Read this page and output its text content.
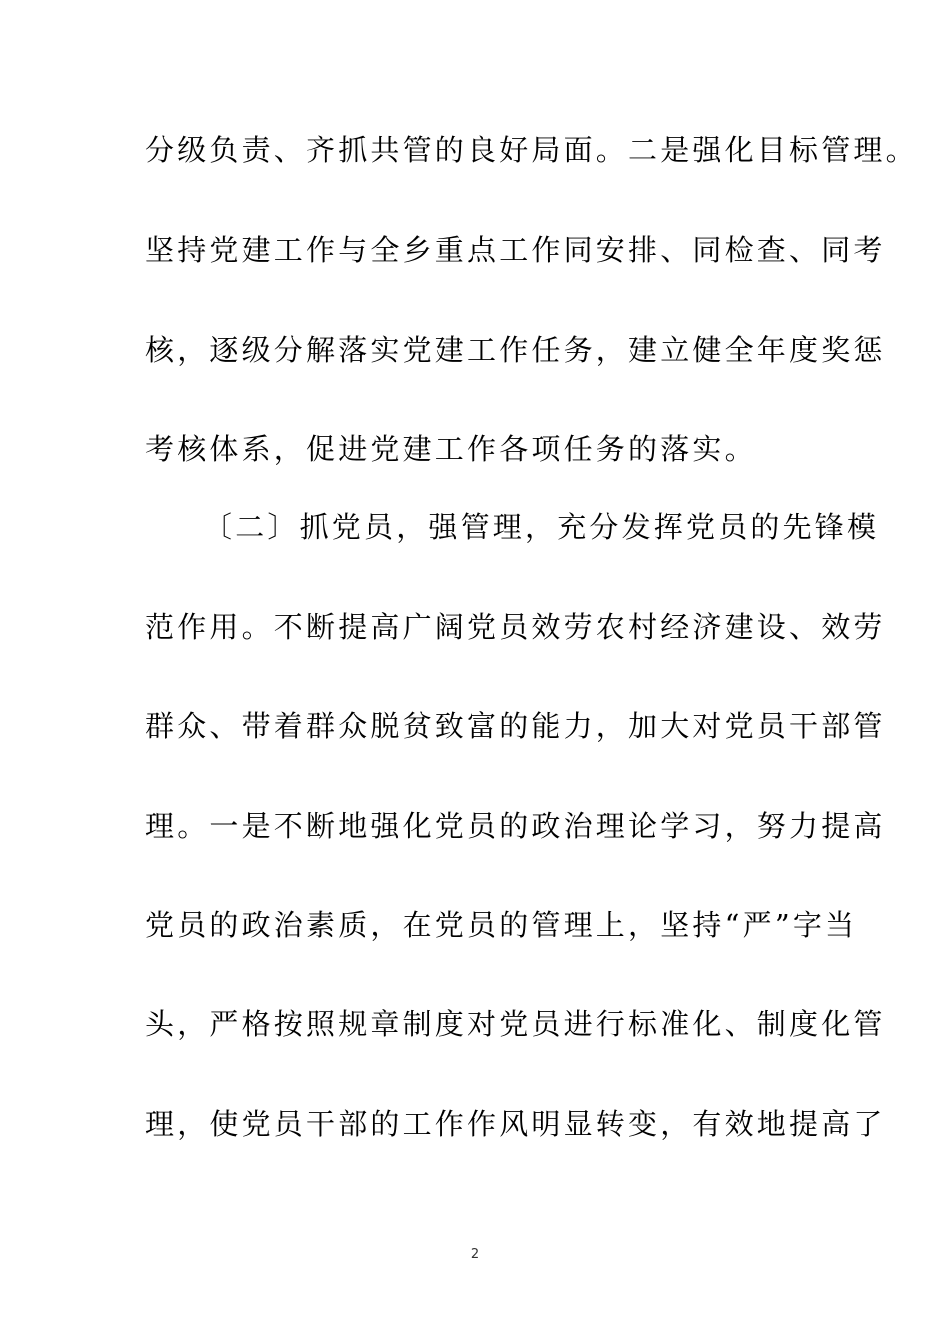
分级负责、齐抓共管的良好局面。二是强化目标管理。
坚持党建工作与全乡重点工作同安排、同检查、同考
核，逐级分解落实党建工作任务，建立健全年度奖惩
考核体系，促进党建工作各项任务的落实。
〔二〕抓党员，强管理，充分发挥党员的先锋模
范作用。不断提高广阔党员效劳农村经济建设、效劳
群众、带着群众脱贫致富的能力，加大对党员干部管
理。一是不断地强化党员的政治理论学习，努力提高
党员的政治素质，在党员的管理上，坚持“严”字当
头，严格按照规章制度对党员进行标准化、制度化管
理，使党员干部的工作作风明显转变，有效地提高了
2
